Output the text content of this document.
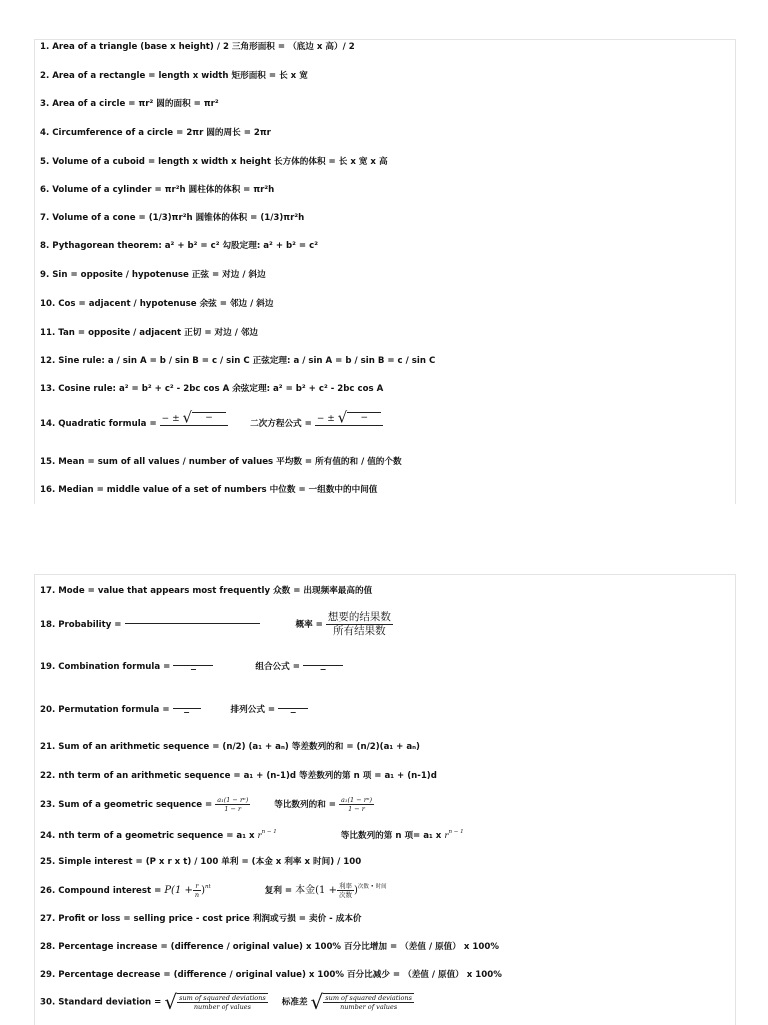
1. Area of a triangle (base x height) / 2 三角形面积 = （底边 x 高）/ 2
2. Area of a rectangle = length x width 矩形面积 = 长 x 宽
3. Area of a circle = πr² 圆的面积 = πr²
4. Circumference of a circle = 2πr 圆的周长 = 2πr
5. Volume of a cuboid = length x width x height 长方体的体积 = 长 x 宽 x 高
6. Volume of a cylinder = πr²h 圆柱体的体积 = πr²h
7. Volume of a cone = (1/3)πr²h 圆锥体的体积 = (1/3)πr²h
8. Pythagorean theorem: a² + b² = c² 勾股定理: a² + b² = c²
9. Sin = opposite / hypotenuse 正弦 = 对边 / 斜边
10. Cos = adjacent / hypotenuse 余弦 = 邻边 / 斜边
11. Tan = opposite / adjacent 正切 = 对边 / 邻边
12. Sine rule: a / sin A = b / sin B = c / sin C 正弦定理: a / sin A = b / sin B = c / sin C
13. Cosine rule: a² = b² + c² - 2bc cos A 余弦定理: a² = b² + c² - 2bc cos A
14. Quadratic formula =
− ± √ −
二次方程公式 =
− ± √ −
15. Mean = sum of all values / number of values 平均数 = 所有值的和 / 值的个数
16. Median = middle value of a set of numbers 中位数 = 一组数中的中间值
17. Mode = value that appears most frequently 众数 = 出现频率最高的值
18. Probability =	概率 = $\frac{\text{想要的结果数}}{\text{所有结果数}}$
19. Combination formula =	−	组合公式 =	−
20. Permutation formula =	−	排列公式 =	−
21. Sum of an arithmetic sequence = (n/2) (a₁ + aₙ) 等差数列的和 = (n/2)(a₁ + aₙ)
22. nth term of an arithmetic sequence = a₁ + (n-1)d 等差数列的第 n 项 = a₁ + (n-1)d
23. Sum of a geometric sequence = $\frac{\text{a₁(1 − rⁿ)}}{1 - r}$	等比数列的和 = $\frac{\text{a₁(1 − rⁿ)}}{1 - r}$
24. nth term of a geometric sequence = a₁ x $r^{n - 1}$	等比数列的第 n 项= a₁ x $r^{n - 1}$
25. Simple interest = (P x r x t) / 100 单利 = (本金 x 利率 x 时间) / 100
26. Compound interest = $P(1 + \frac{r}{n} )^{nt}$	复利 = 本金$(1 + \frac{\text{利率}}{\text{次数}} )^{次数 • 时间}$
27. Profit or loss = selling price - cost price 利润或亏损 = 卖价 - 成本价
28. Percentage increase = (difference / original value) x 100% 百分比增加 = （差值 / 原值） x 100%
29. Percentage decrease = (difference / original value) x 100% 百分比减少 = （差值 / 原值） x 100%
30. Standard deviation = √ $\frac{\text{sum of squared deviations}}{\text{number of values}}$ 标准差 √ $\frac{\text{sum of squared deviations}}{\text{number of values}}$
